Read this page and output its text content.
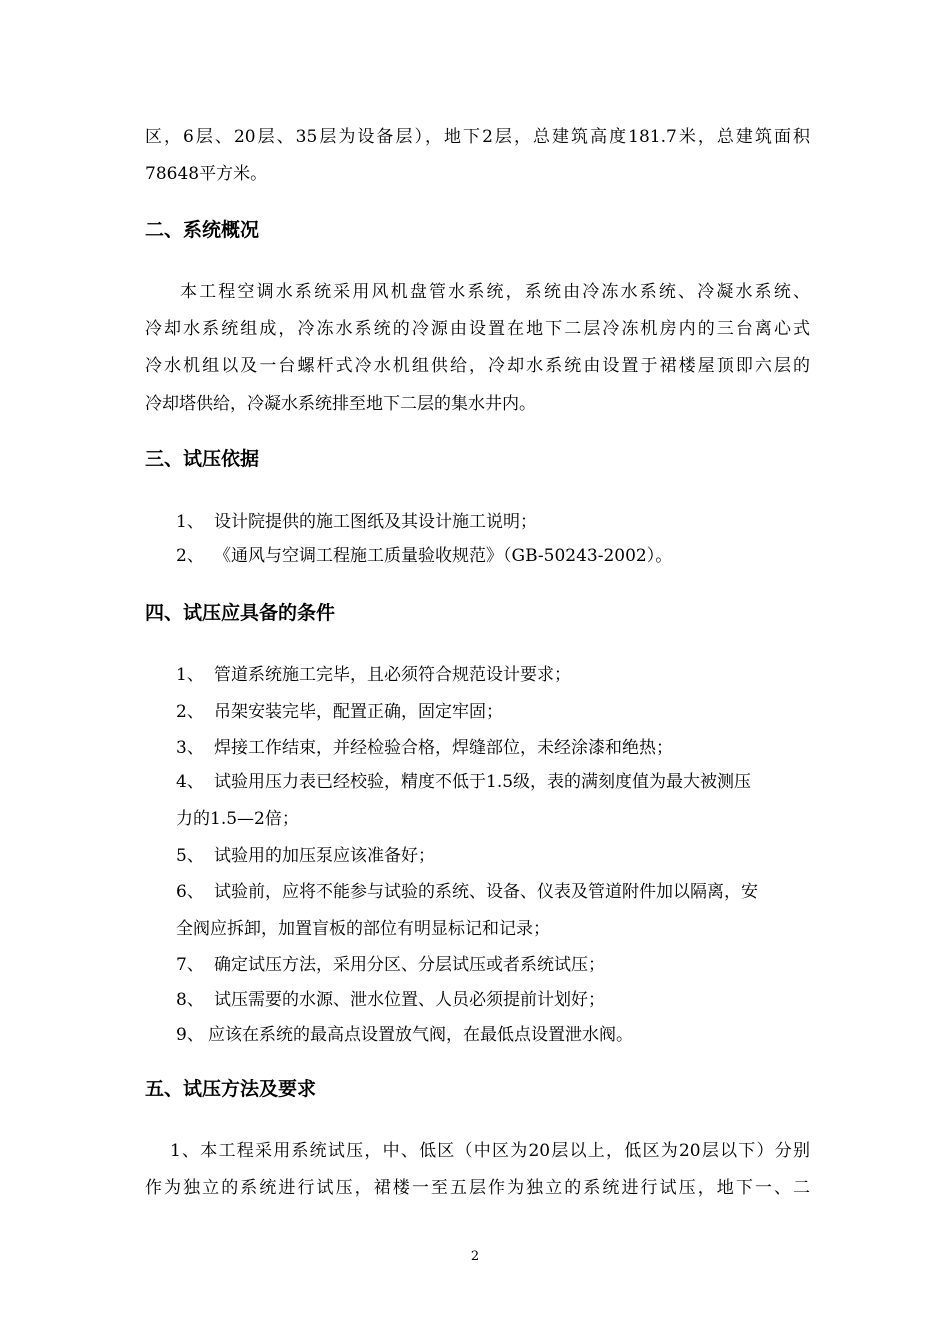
区，6层、20层、35层为设备层），地下2层，总建筑高度181.7米，总建筑面积
78648平方米。
二、系统概况
本工程空调水系统采用风机盘管水系统，系统由冷冻水系统、冷凝水系统、
冷却水系统组成，冷冻水系统的冷源由设置在地下二层冷冻机房内的三台离心式
冷水机组以及一台螺杆式冷水机组供给，冷却水系统由设置于裙楼屋顶即六层的
冷却塔供给，冷凝水系统排至地下二层的集水井内。
三、试压依据
1、 设计院提供的施工图纸及其设计施工说明；
2、 《通风与空调工程施工质量验收规范》（GB-50243-2002）。
四、试压应具备的条件
1、 管道系统施工完毕，且必须符合规范设计要求；
2、 吊架安装完毕，配置正确，固定牢固；
3、 焊接工作结束，并经检验合格，焊缝部位，未经涂漆和绝热；
4、 试验用压力表已经校验，精度不低于1.5级，表的满刻度值为最大被测压
力的1.5—2倍；
5、 试验用的加压泵应该准备好；
6、 试验前，应将不能参与试验的系统、设备、仪表及管道附件加以隔离，安
全阀应拆卸，加置盲板的部位有明显标记和记录；
7、 确定试压方法，采用分区、分层试压或者系统试压；
8、 试压需要的水源、泄水位置、人员必须提前计划好；
9、 应该在系统的最高点设置放气阀，在最低点设置泄水阀。
五、试压方法及要求
1、本工程采用系统试压，中、低区（中区为20层以上，低区为20层以下）分别
作为独立的系统进行试压，裙楼一至五层作为独立的系统进行试压，地下一、二
2
